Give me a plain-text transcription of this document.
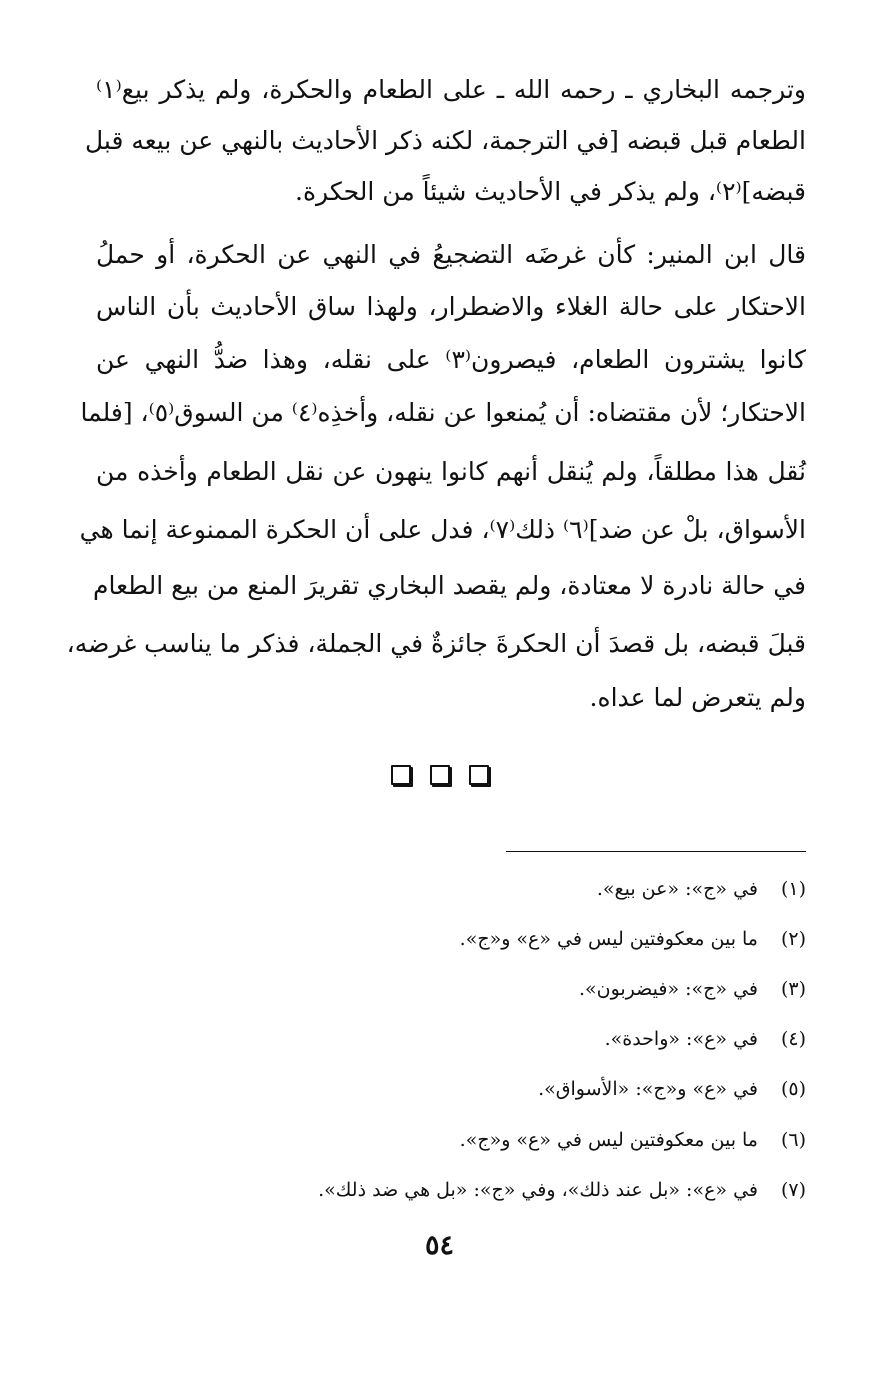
وترجمه البخاري ـ رحمه الله ـ على الطعام والحكرة، ولم يذكر بيع⁽١⁾
الطعام قبل قبضه [في الترجمة، لكنه ذكر الأحاديث بالنهي عن بيعه قبل
قبضه]⁽٢⁾، ولم يذكر في الأحاديث شيئاً من الحكرة.
قال ابن المنير: كأن غرضَه التضجيعُ في النهي عن الحكرة، أو حملُ
الاحتكار على حالة الغلاء والاضطرار، ولهذا ساق الأحاديث بأن الناس
كانوا يشترون الطعام، فيصرون⁽٣⁾ على نقله، وهذا ضدُّ النهي عن
الاحتكار؛ لأن مقتضاه: أن يُمنعوا عن نقله، وأخذِه⁽٤⁾ من السوق⁽٥⁾، [فلما
نُقل هذا مطلقاً، ولم يُنقل أنهم كانوا ينهون عن نقل الطعام وأخذه من
الأسواق، بلْ عن ضد]⁽٦⁾ ذلك⁽٧⁾، فدل على أن الحكرة الممنوعة إنما هي
في حالة نادرة لا معتادة، ولم يقصد البخاري تقريرَ المنع من بيع الطعام
قبلَ قبضه، بل قصدَ أن الحكرةَ جائزةٌ في الجملة، فذكر ما يناسب غرضه،
ولم يتعرض لما عداه.
(١)في «ج»: «عن بيع».
(٢)ما بين معكوفتين ليس في «ع» و«ج».
(٣)في «ج»: «فيضربون».
(٤)في «ع»: «واحدة».
(٥)في «ع» و«ج»: «الأسواق».
(٦)ما بين معكوفتين ليس في «ع» و«ج».
(٧)في «ع»: «بل عند ذلك»، وفي «ج»: «بل هي ضد ذلك».
٥٤
